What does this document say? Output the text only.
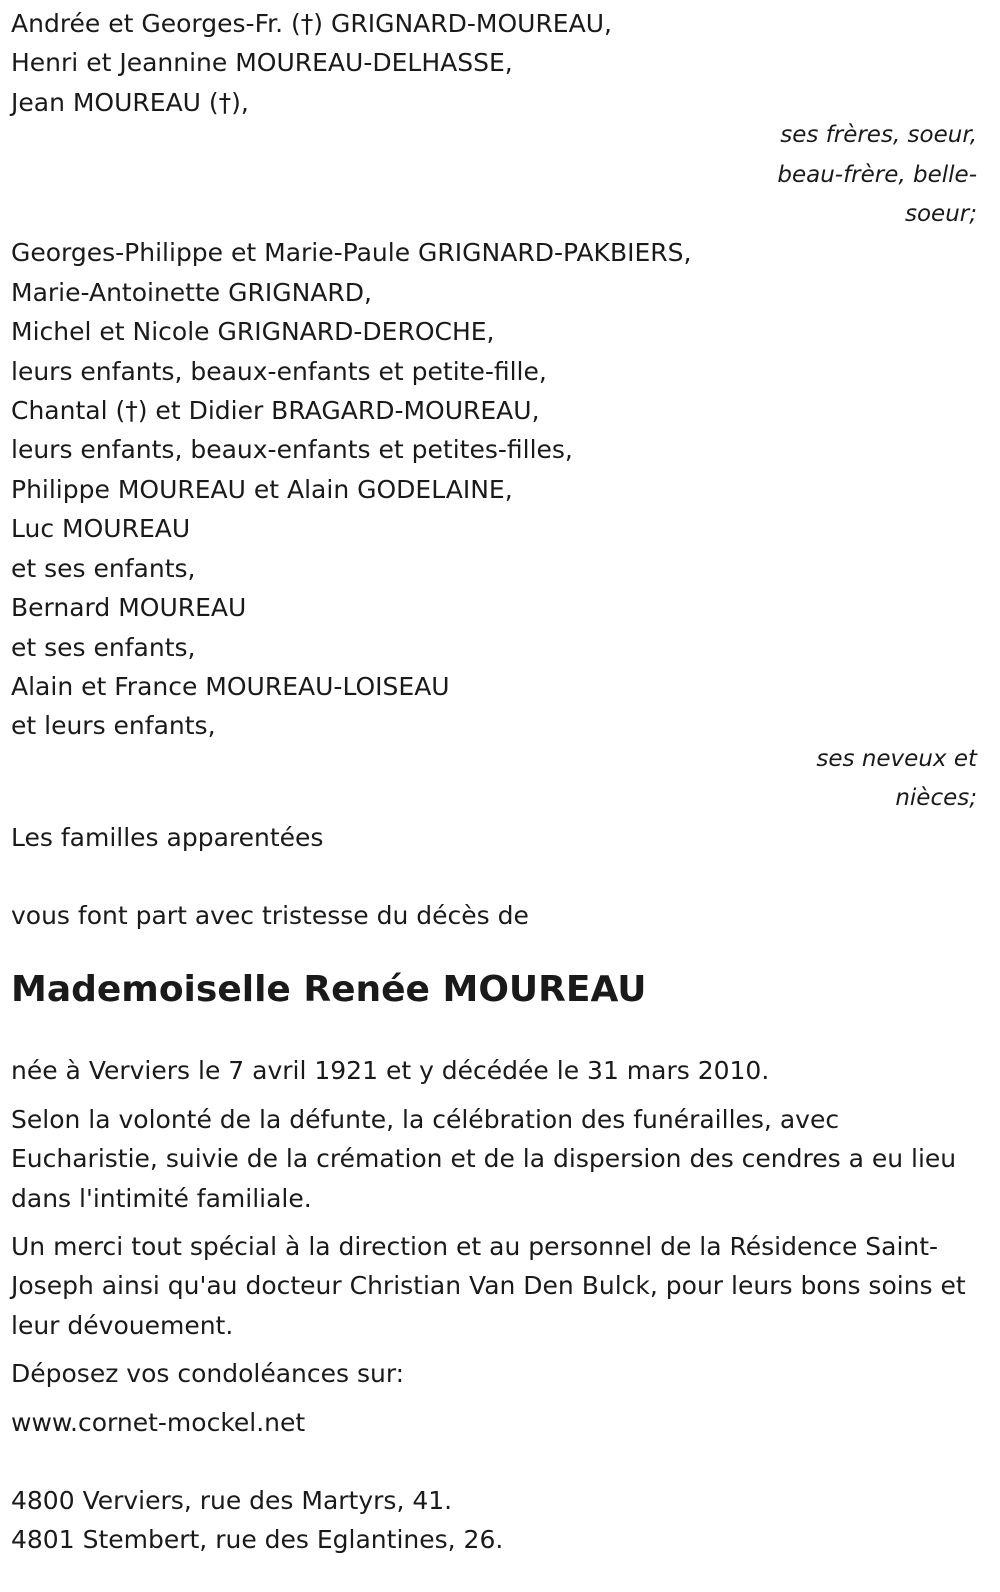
Andrée et Georges-Fr. (†) GRIGNARD-MOUREAU,
Henri et Jeannine MOUREAU-DELHASSE,
Jean MOUREAU (†),
ses frères, soeur,
beau-frère, belle-
soeur;
Georges-Philippe et Marie-Paule GRIGNARD-PAKBIERS,
Marie-Antoinette GRIGNARD,
Michel et Nicole GRIGNARD-DEROCHE,
leurs enfants, beaux-enfants et petite-fille,
Chantal (†) et Didier BRAGARD-MOUREAU,
leurs enfants, beaux-enfants et petites-filles,
Philippe MOUREAU et Alain GODELAINE,
Luc MOUREAU
et ses enfants,
Bernard MOUREAU
et ses enfants,
Alain et France MOUREAU-LOISEAU
et leurs enfants,
ses neveux et
nièces;
Les familles apparentées
vous font part avec tristesse du décès de
Mademoiselle Renée MOUREAU
née à Verviers le 7 avril 1921 et y décédée le 31 mars 2010.
Selon la volonté de la défunte, la célébration des funérailles, avec Eucharistie, suivie de la crémation et de la dispersion des cendres a eu lieu dans l'intimité familiale.
Un merci tout spécial à la direction et au personnel de la Résidence Saint-Joseph ainsi qu'au docteur Christian Van Den Bulck, pour leurs bons soins et leur dévouement.
Déposez vos condoléances sur:
www.cornet-mockel.net
4800 Verviers, rue des Martyrs, 41.
4801 Stembert, rue des Eglantines, 26.
